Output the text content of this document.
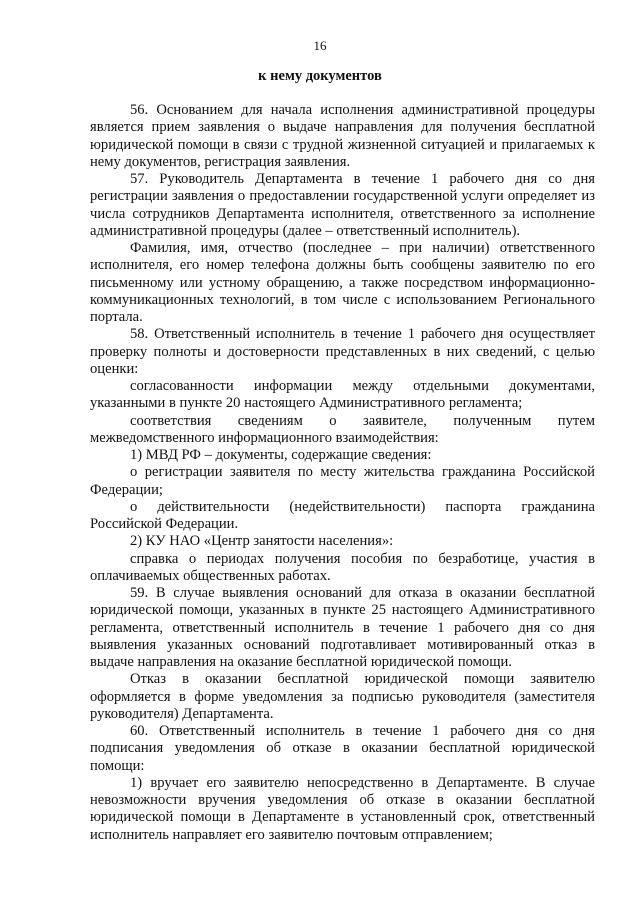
16
к нему документов

56. Основанием для начала исполнения административной процедуры является прием заявления о выдаче направления для получения бесплатной юридической помощи в связи с трудной жизненной ситуацией и прилагаемых к нему документов, регистрация заявления.

57. Руководитель Департамента в течение 1 рабочего дня со дня регистрации заявления о предоставлении государственной услуги определяет из числа сотрудников Департамента исполнителя, ответственного за исполнение административной процедуры (далее – ответственный исполнитель).

Фамилия, имя, отчество (последнее – при наличии) ответственного исполнителя, его номер телефона должны быть сообщены заявителю по его письменному или устному обращению, а также посредством информационно-коммуникационных технологий, в том числе с использованием Регионального портала.

58. Ответственный исполнитель в течение 1 рабочего дня осуществляет проверку полноты и достоверности представленных в них сведений, с целью оценки:

согласованности информации между отдельными документами, указанными в пункте 20 настоящего Административного регламента;

соответствия сведениям о заявителе, полученным путем межведомственного информационного взаимодействия:

1) МВД РФ – документы, содержащие сведения:

о регистрации заявителя по месту жительства гражданина Российской Федерации;

о действительности (недействительности) паспорта гражданина Российской Федерации.

2) КУ НАО «Центр занятости населения»:

справка о периодах получения пособия по безработице, участия в оплачиваемых общественных работах.

59. В случае выявления оснований для отказа в оказании бесплатной юридической помощи, указанных в пункте 25 настоящего Административного регламента, ответственный исполнитель в течение 1 рабочего дня со дня выявления указанных оснований подготавливает мотивированный отказ в выдаче направления на оказание бесплатной юридической помощи.

Отказ в оказании бесплатной юридической помощи заявителю оформляется в форме уведомления за подписью руководителя (заместителя руководителя) Департамента.

60. Ответственный исполнитель в течение 1 рабочего дня со дня подписания уведомления об отказе в оказании бесплатной юридической помощи:

1) вручает его заявителю непосредственно в Департаменте. В случае невозможности вручения уведомления об отказе в оказании бесплатной юридической помощи в Департаменте в установленный срок, ответственный исполнитель направляет его заявителю почтовым отправлением;
